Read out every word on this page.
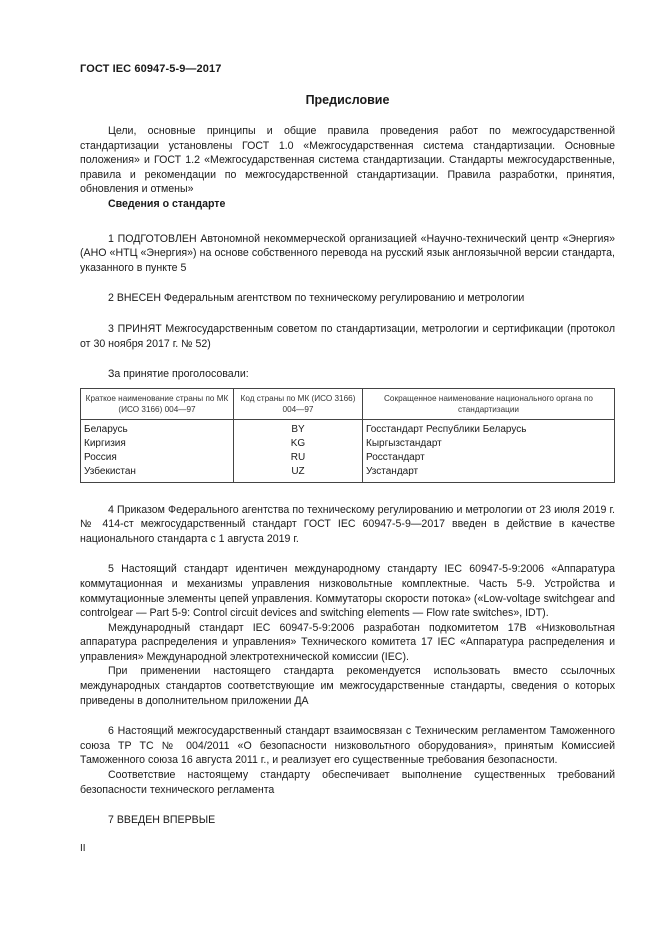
ГОСТ IEC 60947-5-9—2017
Предисловие

Цели, основные принципы и общие правила проведения работ по межгосударственной стандартизации установлены ГОСТ 1.0 «Межгосударственная система стандартизации. Основные положения» и ГОСТ 1.2 «Межгосударственная система стандартизации. Стандарты межгосударственные, правила и рекомендации по межгосударственной стандартизации. Правила разработки, принятия, обновления и отмены»

Сведения о стандарте

1 ПОДГОТОВЛЕН Автономной некоммерческой организацией «Научно-технический центр «Энергия» (АНО «НТЦ «Энергия») на основе собственного перевода на русский язык англоязычной версии стандарта, указанного в пункте 5

2 ВНЕСЕН Федеральным агентством по техническому регулированию и метрологии

3 ПРИНЯТ Межгосударственным советом по стандартизации, метрологии и сертификации (протокол от 30 ноября 2017 г. № 52)

За принятие проголосовали:

Краткое наименование страны по МК (ИСО 3166) 004—97	Код страны по МК (ИСО 3166) 004—97	Сокращенное наименование национального органа по стандартизации
Беларусь	BY	Госстандарт Республики Беларусь
Киргизия	KG	Кыргызстандарт
Россия	RU	Росстандарт
Узбекистан	UZ	Узстандарт

4 Приказом Федерального агентства по техническому регулированию и метрологии от 23 июля 2019 г. № 414-ст межгосударственный стандарт ГОСТ IEC 60947-5-9—2017 введен в действие в качестве национального стандарта с 1 августа 2019 г.

5 Настоящий стандарт идентичен международному стандарту IEC 60947-5-9:2006 «Аппаратура коммутационная и механизмы управления низковольтные комплектные. Часть 5-9. Устройства и коммутационные элементы цепей управления. Коммутаторы скорости потока» («Low-voltage switchgear and controlgear — Part 5-9: Control circuit devices and switching elements — Flow rate switches», IDT).

Международный стандарт IEC 60947-5-9:2006 разработан подкомитетом 17В «Низковольтная аппаратура распределения и управления» Технического комитета 17 IEC «Аппаратура распределения и управления» Международной электротехнической комиссии (IEC).

При применении настоящего стандарта рекомендуется использовать вместо ссылочных международных стандартов соответствующие им межгосударственные стандарты, сведения о которых приведены в дополнительном приложении ДА

6 Настоящий межгосударственный стандарт взаимосвязан с Техническим регламентом Таможенного союза ТР ТС № 004/2011 «О безопасности низковольтного оборудования», принятым Комиссией Таможенного союза 16 августа 2011 г., и реализует его существенные требования безопасности.

Соответствие настоящему стандарту обеспечивает выполнение существенных требований безопасности технического регламента

7 ВВЕДЕН ВПЕРВЫЕ

II
